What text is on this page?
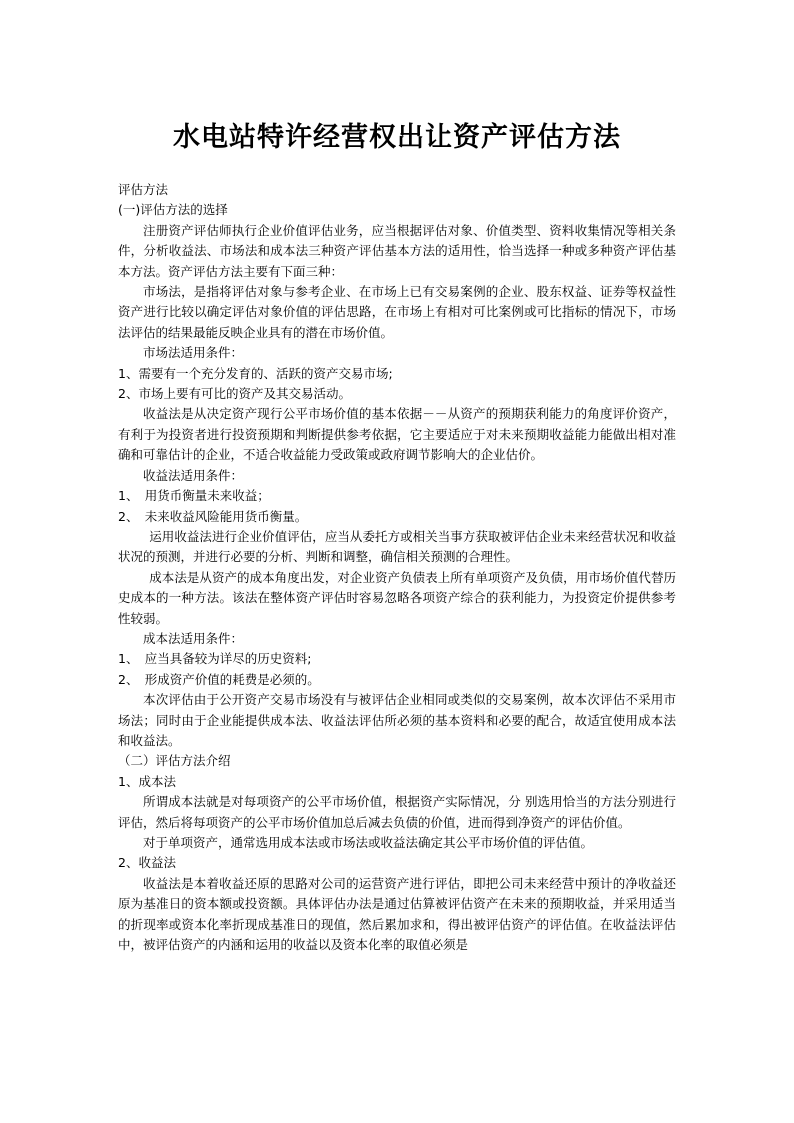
水电站特许经营权出让资产评估方法

评估方法

(一)评估方法的选择

注册资产评估师执行企业价值评估业务，应当根据评估对象、价值类型、资料收集情况等相关条件，分析收益法、市场法和成本法三种资产评估基本方法的适用性，恰当选择一种或多种资产评估基本方法。资产评估方法主要有下面三种：

市场法，是指将评估对象与参考企业、在市场上已有交易案例的企业、股东权益、证券等权益性资产进行比较以确定评估对象价值的评估思路，在市场上有相对可比案例或可比指标的情况下，市场法评估的结果最能反映企业具有的潜在市场价值。

市场法适用条件：

1、需要有一个充分发育的、活跃的资产交易市场;

2、市场上要有可比的资产及其交易活动。

收益法是从决定资产现行公平市场价值的基本依据－－从资产的预期获利能力的角度评价资产，有利于为投资者进行投资预期和判断提供参考依据，它主要适应于对未来预期收益能力能做出相对准确和可靠估计的企业，不适合收益能力受政策或政府调节影响大的企业估价。

收益法适用条件：

1、　用货币衡量未来收益；

2、　未来收益风险能用货币衡量。

运用收益法进行企业价值评估，应当从委托方或相关当事方获取被评估企业未来经营状况和收益状况的预测，并进行必要的分析、判断和调整，确信相关预测的合理性。

成本法是从资产的成本角度出发，对企业资产负债表上所有单项资产及负债，用市场价值代替历史成本的一种方法。该法在整体资产评估时容易忽略各项资产综合的获利能力，为投资定价提供参考性较弱。

成本法适用条件：

1、　应当具备较为详尽的历史资料;

2、　形成资产价值的耗费是必须的。

本次评估由于公开资产交易市场没有与被评估企业相同或类似的交易案例，故本次评估不采用市场法；同时由于企业能提供成本法、收益法评估所必须的基本资料和必要的配合，故适宜使用成本法和收益法。

（二）评估方法介绍

1、成本法

所谓成本法就是对每项资产的公平市场价值，根据资产实际情况，分 别选用恰当的方法分别进行评估，然后将每项资产的公平市场价值加总后减去负债的价值，进而得到净资产的评估价值。

对于单项资产，通常选用成本法或市场法或收益法确定其公平市场价值的评估值。

2、收益法

收益法是本着收益还原的思路对公司的运营资产进行评估，即把公司未来经营中预计的净收益还原为基准日的资本额或投资额。具体评估办法是通过估算被评估资产在未来的预期收益，并采用适当的折现率或资本化率折现成基准日的现值，然后累加求和，得出被评估资产的评估值。在收益法评估中，被评估资产的内涵和运用的收益以及资本化率的取值必须是
